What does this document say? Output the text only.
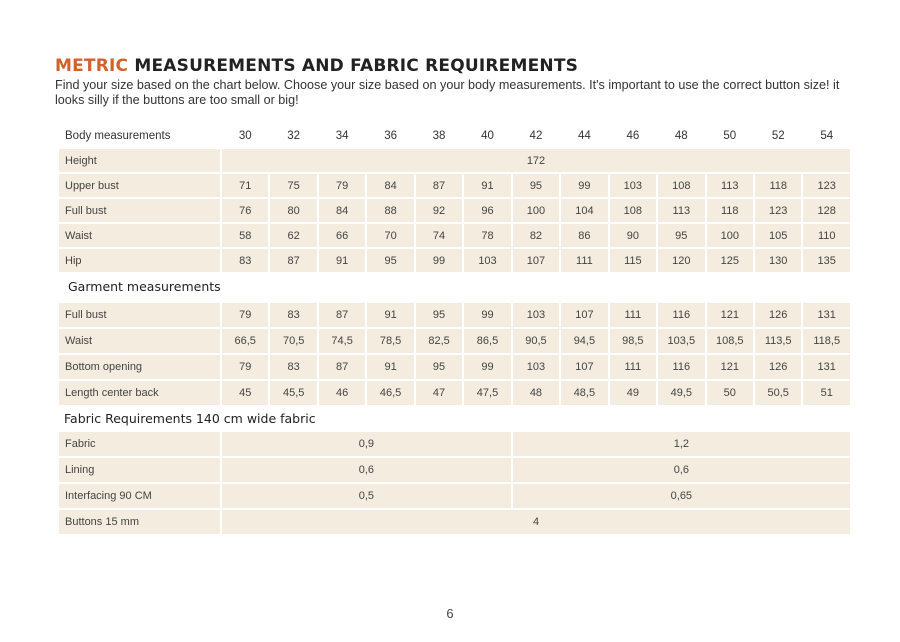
METRIC MEASUREMENTS AND FABRIC REQUIREMENTS
Find your size based on the chart below. Choose your size based on your body measurements. It's important to use the correct button size! it looks silly if the buttons are too small or big!
Body measurements	30	32	34	36	38	40	42	44	46	48	50	52	54
Height	172												
Upper bust	71	75	79	84	87	91	95	99	103	108	113	118	123
Full bust	76	80	84	88	92	96	100	104	108	113	118	123	128
Waist	58	62	66	70	74	78	82	86	90	95	100	105	110
Hip	83	87	91	95	99	103	107	111	115	120	125	130	135
Garment measurements
Full bust	79	83	87	91	95	99	103	107	111	116	121	126	131
Waist	66,5	70,5	74,5	78,5	82,5	86,5	90,5	94,5	98,5	103,5	108,5	113,5	118,5
Bottom opening	79	83	87	91	95	99	103	107	111	116	121	126	131
Length center back	45	45,5	46	46,5	47	47,5	48	48,5	49	49,5	50	50,5	51
Fabric Requirements 140 cm wide fabric
Fabric	0,9	1,2
Lining	0,6	0,6
Interfacing 90 CM	0,5	0,65
Buttons 15 mm	4	
6
